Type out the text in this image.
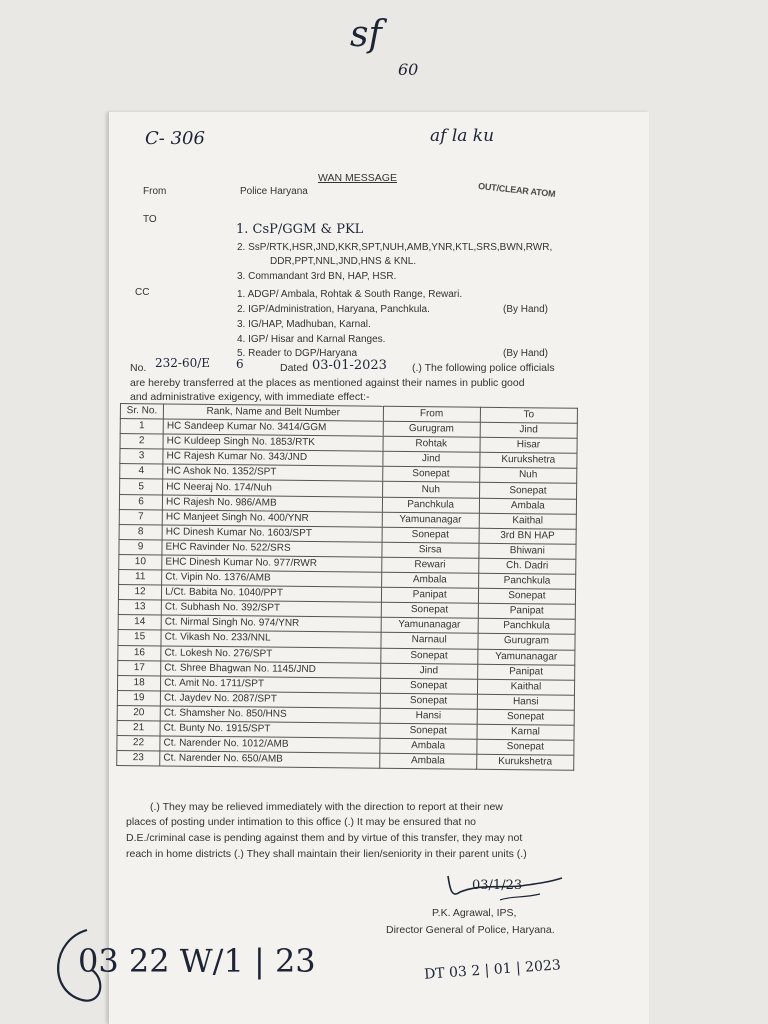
sf
60
C- 306	af la ku
WAN MESSAGE
From	Police Haryana	OUT/CLEAR ATOM
TO
1. CsP/GGM & PKL
2. SsP/RTK,HSR,JND,KKR,SPT,NUH,AMB,YNR,KTL,SRS,BWN,RWR,
DDR,PPT,NNL,JND,HNS & KNL.
3. Commandant 3rd BN, HAP, HSR.
CC	1. ADGP/ Ambala, Rohtak & South Range, Rewari.
2. IGP/Administration, Haryana, Panchkula.	(By Hand)
3. IG/HAP, Madhuban, Karnal.
4. IGP/ Hisar and Karnal Ranges.
5. Reader to DGP/Haryana	(By Hand)
No. 232-60/E 6	Dated 03-01-2023 (.) The following police officials
are hereby transferred at the places as mentioned against their names in public good
and administrative exigency, with immediate effect:-
Sr. No.	Rank, Name and Belt Number	From	To
1	HC Sandeep Kumar No. 3414/GGM	Gurugram	Jind
2	HC Kuldeep Singh No. 1853/RTK	Rohtak	Hisar
3	HC Rajesh Kumar No. 343/JND	Jind	Kurukshetra
4	HC Ashok No. 1352/SPT	Sonepat	Nuh
5	HC Neeraj No. 174/Nuh	Nuh	Sonepat
6	HC Rajesh No. 986/AMB	Panchkula	Ambala
7	HC Manjeet Singh No. 400/YNR	Yamunanagar	Kaithal
8	HC Dinesh Kumar No. 1603/SPT	Sonepat	3rd BN HAP
9	EHC Ravinder No. 522/SRS	Sirsa	Bhiwani
10	EHC Dinesh Kumar No. 977/RWR	Rewari	Ch. Dadri
11	Ct. Vipin No. 1376/AMB	Ambala	Panchkula
12	L/Ct. Babita No. 1040/PPT	Panipat	Sonepat
13	Ct. Subhash No. 392/SPT	Sonepat	Panipat
14	Ct. Nirmal Singh No. 974/YNR	Yamunanagar	Panchkula
15	Ct. Vikash No. 233/NNL	Narnaul	Gurugram
16	Ct. Lokesh No. 276/SPT	Sonepat	Yamunanagar
17	Ct. Shree Bhagwan No. 1145/JND	Jind	Panipat
18	Ct. Amit No. 1711/SPT	Sonepat	Kaithal
19	Ct. Jaydev No. 2087/SPT	Sonepat	Hansi
20	Ct. Shamsher No. 850/HNS	Hansi	Sonepat
21	Ct. Bunty No. 1915/SPT	Sonepat	Karnal
22	Ct. Narender No. 1012/AMB	Ambala	Sonepat
23	Ct. Narender No. 650/AMB	Ambala	Kurukshetra
(.) They may be relieved immediately with the direction to report at their new
places of posting under intimation to this office (.) It may be ensured that no
D.E./criminal case is pending against them and by virtue of this transfer, they may not
reach in home districts (.) They shall maintain their lien/seniority in their parent units (.)
03/1/23
P.K. Agrawal, IPS,
Director General of Police, Haryana.
03 22 W/1 | 23	DT 03 2 | 01 | 2023
